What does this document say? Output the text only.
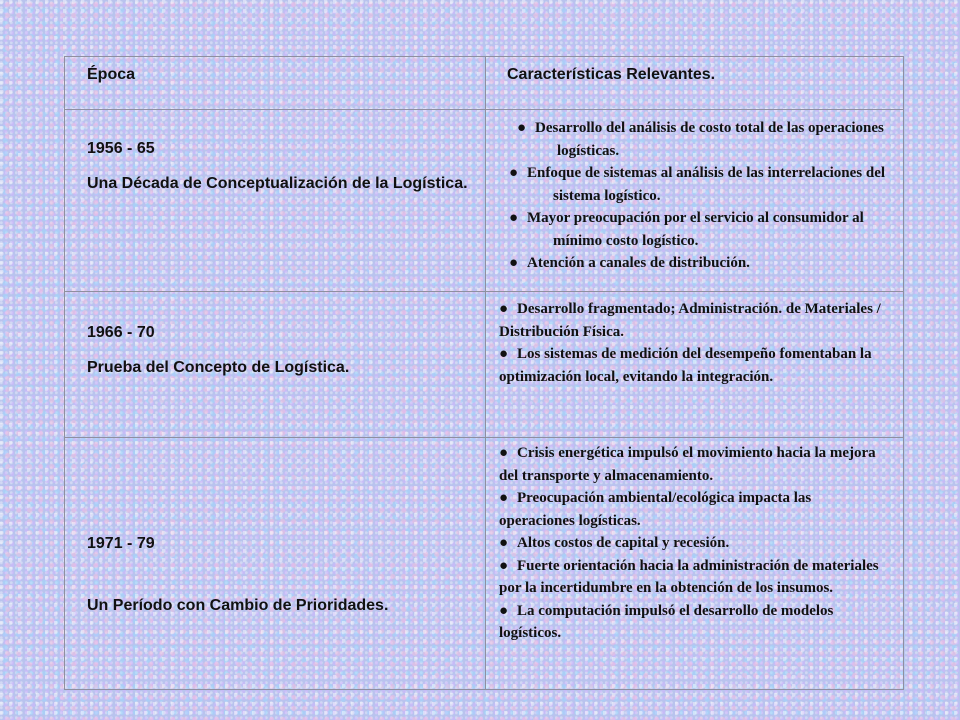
Época	Características Relevantes.

1956 - 65

Una Década de Conceptualización de la Logística.

● Desarrollo del análisis de costo total de las operaciones logísticas.

● Enfoque de sistemas al análisis de las interrelaciones del sistema logístico.

● Mayor preocupación por el servicio al consumidor al mínimo costo logístico.

● Atención a canales de distribución.

1966 - 70

Prueba del Concepto de Logística.

● Desarrollo fragmentado; Administración. de Materiales / Distribución Física.

● Los sistemas de medición del desempeño fomentaban la optimización local, evitando la integración.

1971 - 79

Un Período con Cambio de Prioridades.

● Crisis energética impulsó el movimiento hacia la mejora del transporte y almacenamiento.

● Preocupación ambiental/ecológica impacta las operaciones logísticas.

● Altos costos de capital y recesión.

● Fuerte orientación hacia la administración de materiales por la incertidumbre en la obtención de los insumos.

● La computación impulsó el desarrollo de modelos logísticos.
